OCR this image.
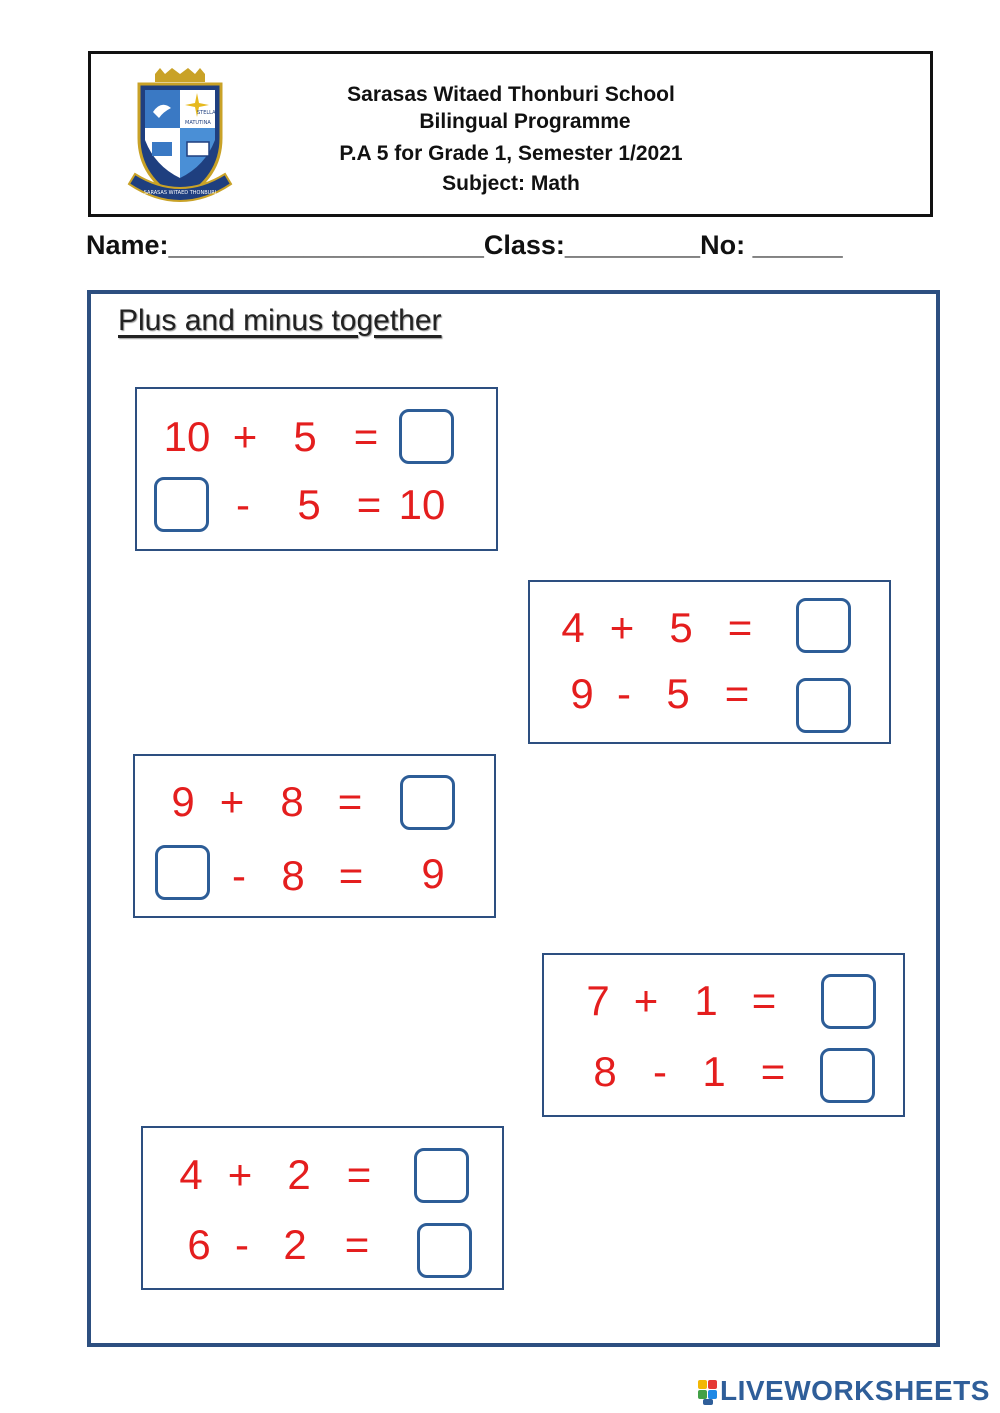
STELLA
MATUTINA
SARASAS WITAED THONBURI
Sarasas Witaed Thonburi School
Bilingual Programme
P.A 5 for Grade 1, Semester 1/2021
Subject: Math
Name:_____________________Class:_________No: ______
Plus and minus together
10 + 5 =
- 5 = 10
4 + 5 =
9 - 5 =
9 + 8 =
- 8 = 9
7 + 1 =
8 - 1 =
4 + 2 =
6 - 2 =
LIVEWORKSHEETS
